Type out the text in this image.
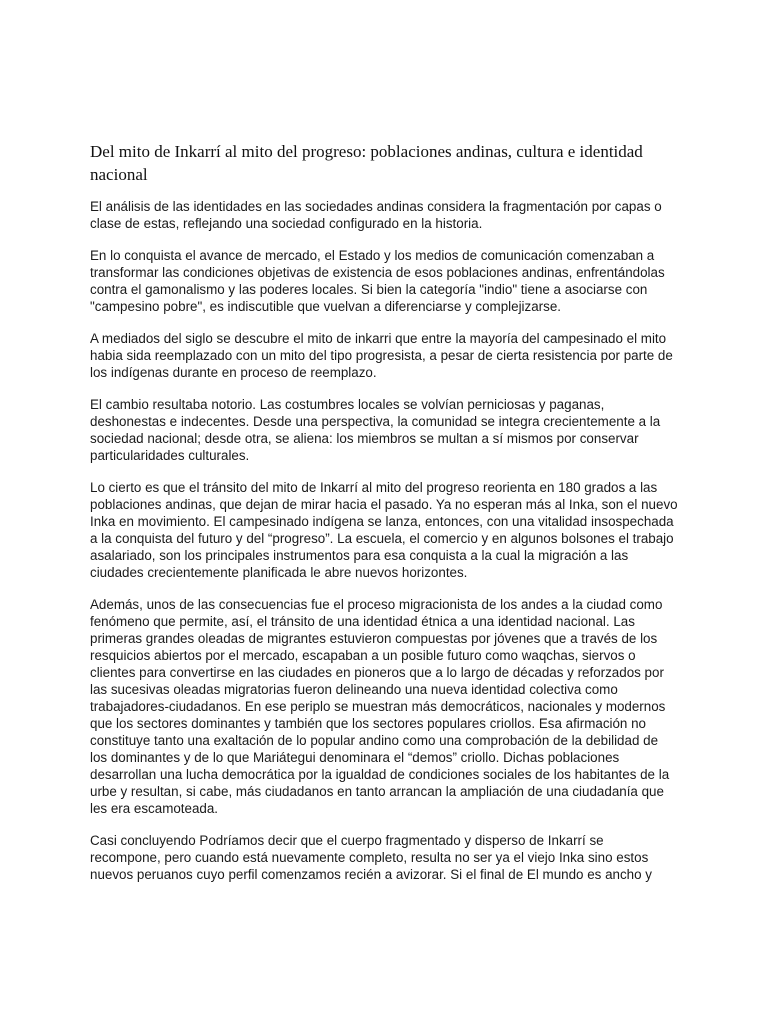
Del mito de Inkarrí al mito del progreso: poblaciones andinas, cultura e identidad nacional

El análisis de las identidades en las sociedades andinas considera la fragmentación por capas o clase de estas, reflejando una sociedad configurado en la historia.

En lo conquista el avance de mercado, el Estado y los medios de comunicación comenzaban a transformar las condiciones objetivas de existencia de esos poblaciones andinas, enfrentándolas contra el gamonalismo y las poderes locales. Si bien la categoría "indio" tiene a asociarse con "campesino pobre", es indiscutible que vuelvan a diferenciarse y complejizarse.

A mediados del siglo se descubre el mito de inkarri que entre la mayoría del campesinado el mito habia sida reemplazado con un mito del tipo progresista, a pesar de cierta resistencia por parte de los indígenas durante en proceso de reemplazo.

El cambio resultaba notorio. Las costumbres locales se volvían perniciosas y paganas, deshonestas e indecentes. Desde una perspectiva, la comunidad se integra crecientemente a la sociedad nacional; desde otra, se aliena: los miembros se multan a sí mismos por conservar particularidades culturales.

Lo cierto es que el tránsito del mito de Inkarrí al mito del progreso reorienta en 180 grados a las poblaciones andinas, que dejan de mirar hacia el pasado. Ya no esperan más al Inka, son el nuevo Inka en movimiento. El campesinado indígena se lanza, entonces, con una vitalidad insospechada a la conquista del futuro y del “progreso”. La escuela, el comercio y en algunos bolsones el trabajo asalariado, son los principales instrumentos para esa conquista a la cual la migración a las ciudades crecientemente planificada le abre nuevos horizontes.

Además, unos de las consecuencias fue el proceso migracionista de los andes a la ciudad como fenómeno que permite, así, el tránsito de una identidad étnica a una identidad nacional. Las primeras grandes oleadas de migrantes estuvieron compuestas por jóvenes que a través de los resquicios abiertos por el mercado, escapaban a un posible futuro como waqchas, siervos o clientes para convertirse en las ciudades en pioneros que a lo largo de décadas y reforzados por las sucesivas oleadas migratorias fueron delineando una nueva identidad colectiva como trabajadores-ciudadanos. En ese periplo se muestran más democráticos, nacionales y modernos que los sectores dominantes y también que los sectores populares criollos. Esa afirmación no constituye tanto una exaltación de lo popular andino como una comprobación de la debilidad de los dominantes y de lo que Mariátegui denominara el “demos” criollo. Dichas poblaciones desarrollan una lucha democrática por la igualdad de condiciones sociales de los habitantes de la urbe y resultan, si cabe, más ciudadanos en tanto arrancan la ampliación de una ciudadanía que les era escamoteada.

Casi concluyendo Podríamos decir que el cuerpo fragmentado y disperso de Inkarrí se recompone, pero cuando está nuevamente completo, resulta no ser ya el viejo Inka sino estos nuevos peruanos cuyo perfil comenzamos recién a avizorar. Si el final de El mundo es ancho y
